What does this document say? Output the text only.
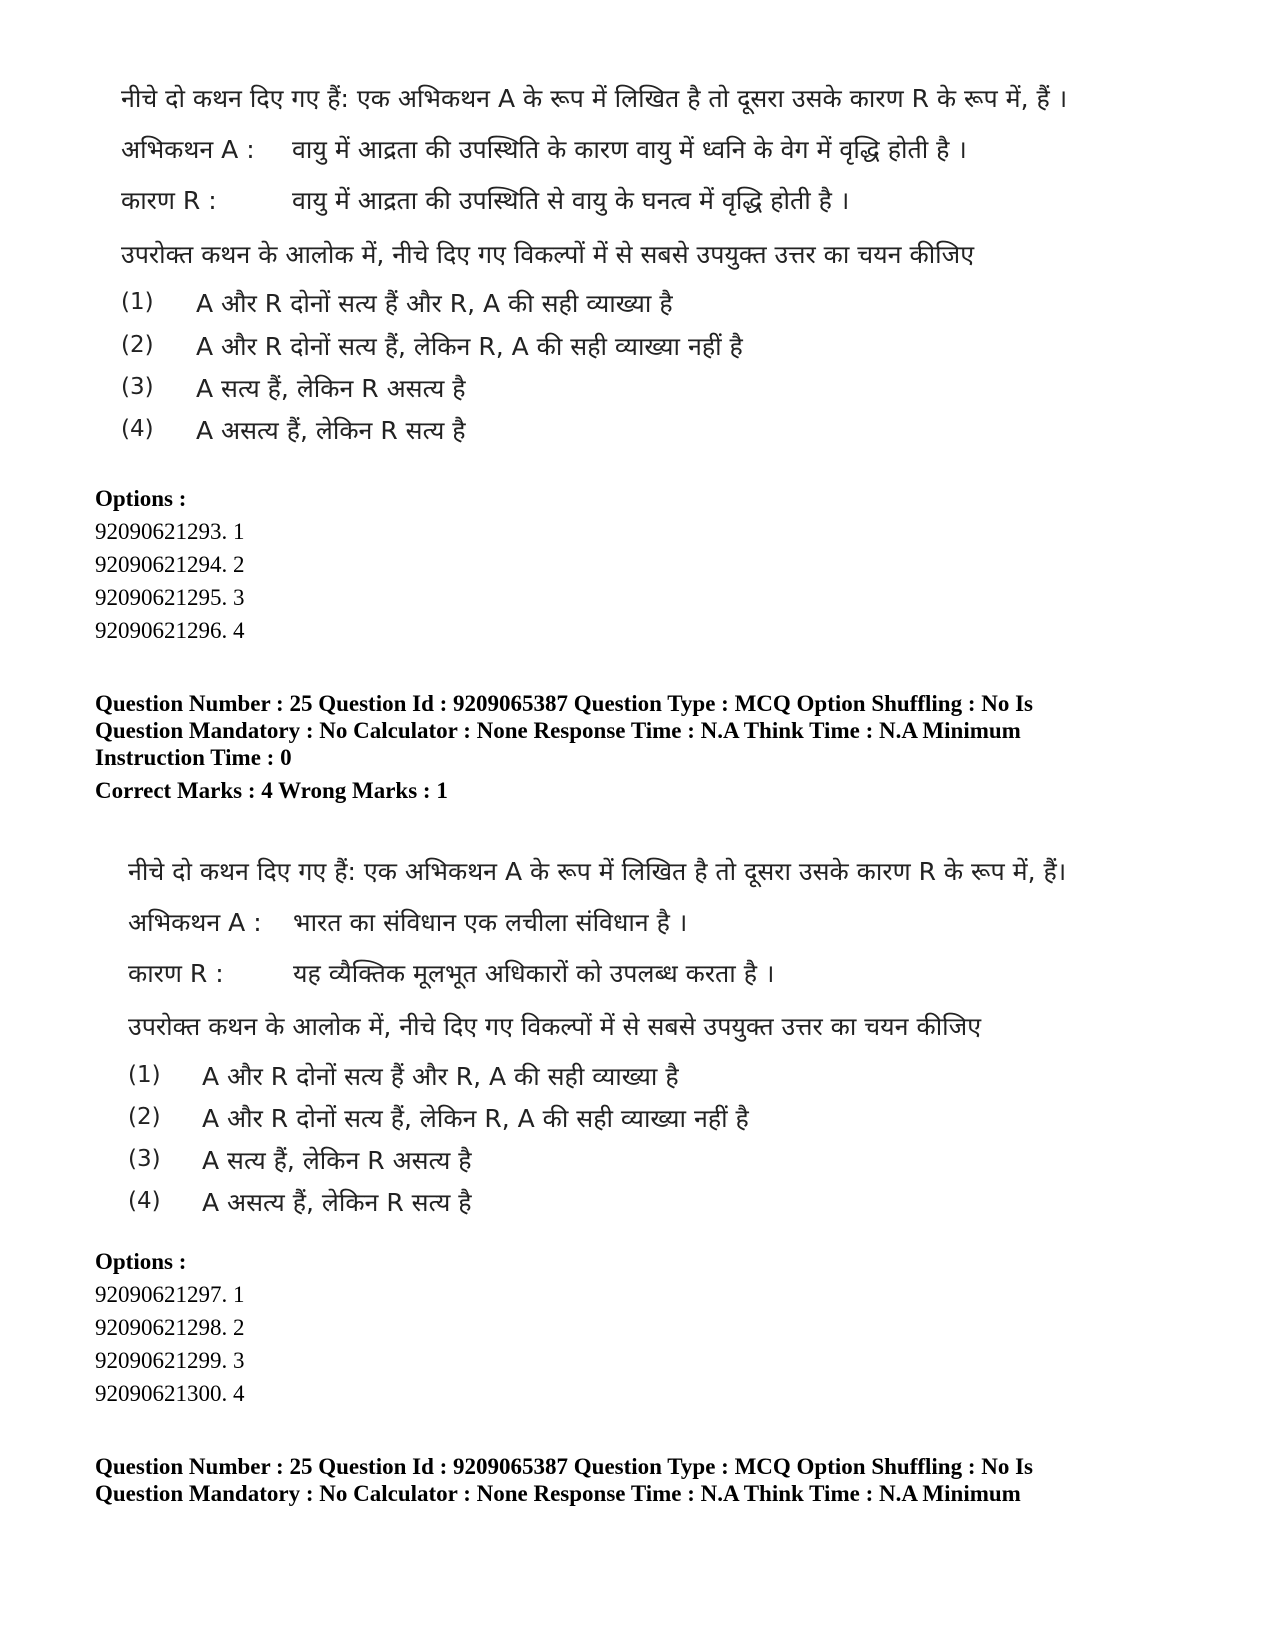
नीचे दो कथन दिए गए हैं: एक अभिकथन A के रूप में लिखित है तो दूसरा उसके कारण R के रूप में, हैं ।
अभिकथन A : वायु में आद्रता की उपस्थिति के कारण वायु में ध्वनि के वेग में वृद्धि होती है ।
कारण R :	वायु में आद्रता की उपस्थिति से वायु के घनत्व में वृद्धि होती है ।
उपरोक्त कथन के आलोक में, नीचे दिए गए विकल्पों में से सबसे उपयुक्त उत्तर का चयन कीजिए
(1) A और R दोनों सत्य हैं और R, A की सही व्याख्या है
(2) A और R दोनों सत्य हैं, लेकिन R, A की सही व्याख्या नहीं है
(3) A सत्य हैं, लेकिन R असत्य है
(4) A असत्य हैं, लेकिन R सत्य है
Options :
92090621293. 1
92090621294. 2
92090621295. 3
92090621296. 4
Question Number : 25 Question Id : 9209065387 Question Type : MCQ Option Shuffling : No Is
Question Mandatory : No Calculator : None Response Time : N.A Think Time : N.A Minimum
Instruction Time : 0
Correct Marks : 4 Wrong Marks : 1
नीचे दो कथन दिए गए हैं: एक अभिकथन A के रूप में लिखित है तो दूसरा उसके कारण R के रूप में, हैं।
अभिकथन A : भारत का संविधान एक लचीला संविधान है ।
कारण R :	यह व्यैक्तिक मूलभूत अधिकारों को उपलब्ध करता है ।
उपरोक्त कथन के आलोक में, नीचे दिए गए विकल्पों में से सबसे उपयुक्त उत्तर का चयन कीजिए
(1) A और R दोनों सत्य हैं और R, A की सही व्याख्या है
(2) A और R दोनों सत्य हैं, लेकिन R, A की सही व्याख्या नहीं है
(3) A सत्य हैं, लेकिन R असत्य है
(4) A असत्य हैं, लेकिन R सत्य है
Options :
92090621297. 1
92090621298. 2
92090621299. 3
92090621300. 4
Question Number : 25 Question Id : 9209065387 Question Type : MCQ Option Shuffling : No Is
Question Mandatory : No Calculator : None Response Time : N.A Think Time : N.A Minimum
